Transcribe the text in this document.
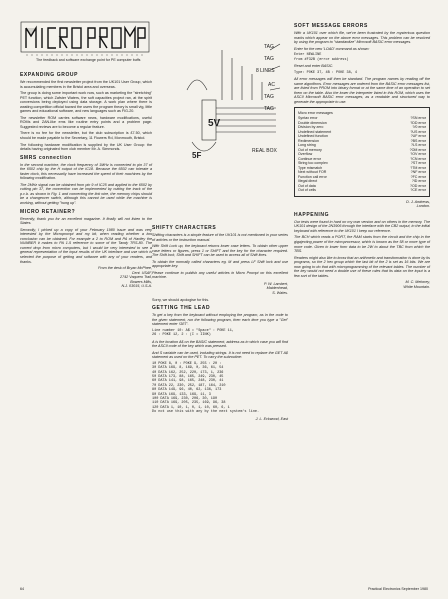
The feedback and software exchange point for PE computer buffs
EXPANDING GROUP

We recommended the first newsletter project from the UK101 User Group, which is accumulating members in the Bristol area and overseas.

The group is doing some important work now, such as marketing the "stretching" PET function, which Zafster Waters, the soft capacities project ran, at the spirit conversions being deployed using data storage. A work plan where there is wasting competition official toward the users the program theory is small vig, little games and educational software, and new languages such as FIG-20.

The newsletter ROM carries software news, hardware modifications, useful ROMs and ZAN-like ems like routine entry points and a problem page. Suggested reviews are to become a regular feature.

There is no fee for the newsletter, but the club subscription is £7.50, which should be made payable to the Secretary, 11 Flowers Rd, Monmouth, Bristol.

The following hardware modification is supplied by the UK User Group: the details having originated from club member Mr. A. Simmonds.

SMRS connection

In the second machine, the clock frequency of 1MHz is connected to pin 37 of the 6502 chip by the H output of the IC18. Because the 6502 can tolerate a faster clock, this necessarily have increased the speed of their machines by the following modification.

The 2MHz signal can be obtained from pin 9 of IC25 and applied to the 6502 by cutting pin 37, the connection can be implemented by cutting the track of the p.c.b. as shown in Fig. 1 and connecting the link wire, the memory chips should be a changeover switch, although this cannot be used while the machine is working, without getting "hung up".

MICRO RETAINER?

Recently, thank you for an excellent magazine. It finally will not listen to the States.

Secondly, I picked up a copy of your February 1980 issue and was very interested by the Microprompt and my bit, when reading whether a low conclusion can be obtained. For example a 2 to ROM and PA of Hartley the NUMBER it makes to PA 1-5 reference to some of the Tandy TRS-80. The current drop from micro computers, but I would be very interested to see a general representation of the input results of the UK interface and use which is selected the purpose of getting and software with any of your readers, and thanks.

From the desk of Bryan McPhee,
Cent. USAF,
2742 Vaquero Trail,
Bowers Mills,
N.J. 03015, U.S.A.

5V
TAG
TAG
8 LINES
AC
TAG
TAG
REAL BOX
5F
SHIFTY CHARACTERS

Shifting characters is a simple feature of the UK101 is not mentioned in your series of articles or the instruction manual.

With Shift Lock up, the keyboard returns lower case letters. To obtain other upper case letters or figures, press 1 or SHIFT and the key for the character required. The Shift lock, Shift and SHIFT can be used to access all of Shift lines.

To obtain the normally called characters eg. M and press LF Shift lock and use appropriate key.

Please continue to publish any useful articles in Micro Prompt on this excellent machine.

P. W. Lambert,
Maidenhead,
S. Wales.

Sorry, we should apologise for this.

GETTING THE LEAD

To get a key from the keyboard without employing the program, as in the code to the given statement, run the following program, then each time you type a "Get" statement enter 'GET'.

Line number 10: A$ = "Space" : POKE 11,
26 : POKE 12, 2 : (I = IINK)

A is the location A$ on the BASIC statement, address as in which case you will find the ASCII code of the key which was pressed.

And S variable can be used, including strings. It is not need to replace the GET A$ statement as used on the PET. To carry the subroutine:

10 POKE 8, 0 : POKE 9, 255 : 20 :
30 DATA 169, 8, 169, 0, 36, 61, 54
40 DATA 162, 252, 220, 173, 1, 236
50 DATA 173, 88, 165, 249, 230, 45
60 DATA 141, 98, 165, 248, 230, 41
70 DATA 22, 230, 252, 187, 164, 210
80 DATA 149, 96, 40, 62, 136, 173
90 DATA 169, 133, 169, 11, 3
100 DATA 169, 230, 206, 30, 190
110 DATA 169, 205, 235, 169, 96, 38
120 DATA 1, 10, 1, 0, 1, 10, 60, 6, 1
Do not use this with any by the next system's line.

J. L. Eckwood, East

SOFT MESSAGE ERRORS

With a UK101 over which file, we've been frustrated by the mysterious question marks which appear on the above error messages. This problem can be resolved by using the program to "standardize" Microsoft BASIC error messages.

Enter for the new 'LOAD' command as shown:

Enter NEWLINE
from #F32B (error address)

Reset and enter BASIC.

Type: POKE 37, 4B : POKE 38, 4

All error messages will then be standard. The program names by reading off the same algorithms. Error messages are ordered from the BASIC error messages list, are listed from PROM into binary format or at the same time of an operation to set them on the table. Also the lower the interpreter listed in this ROM, which uses the ASCII Microsoft BASIC error messages, as a readable and structured way to generate the appropriate to use.

Micro error messages
Syntax error	?SN error
Double dimension	?DD error
Division by zero	?/0 error
Undefined statement	?US error
Undefined function	?UF error
Redimension	?BS error
Long string	?LS error
Out of memory	?OM error
Overflow	?OV error
Continue error	?CN error
String too complex	?ST error
Type mismatch	?TM error
Next without FOR	?NF error
Function call error	?FC error
Illegal direct	?ID error
Out of data	?OD error
Out of cells	?CE error

D. J. Andrews,
London.

HAPPENING

Our tests were found in hard on my own version and on others in the memory. The UK101 design of the 2N3906 through the interface with the CB2 output, in the initial keyboard with reference to the UK101 I keep our reference.

The BCH which reads a PORT, the RAM starts from the circuit and the chip in the gigajecting power of the microprocessor, which is known as the 58 or more type of more code. Given in lower form data to be 2W to about the TBC from which the TBS.

Readers might also like to know that an arithmetic and transformation is done by its programs, so the 2 hex group which the last bit of the 2 is set as 16 bits. We are now going to do that with microprogramming of the relevant tables. The number of the key would not need a double use of these rules that its data on the input is a few sort of the tables.

M. C. Meloney,
White Mountain.

64	Practical Electronics September 1980
